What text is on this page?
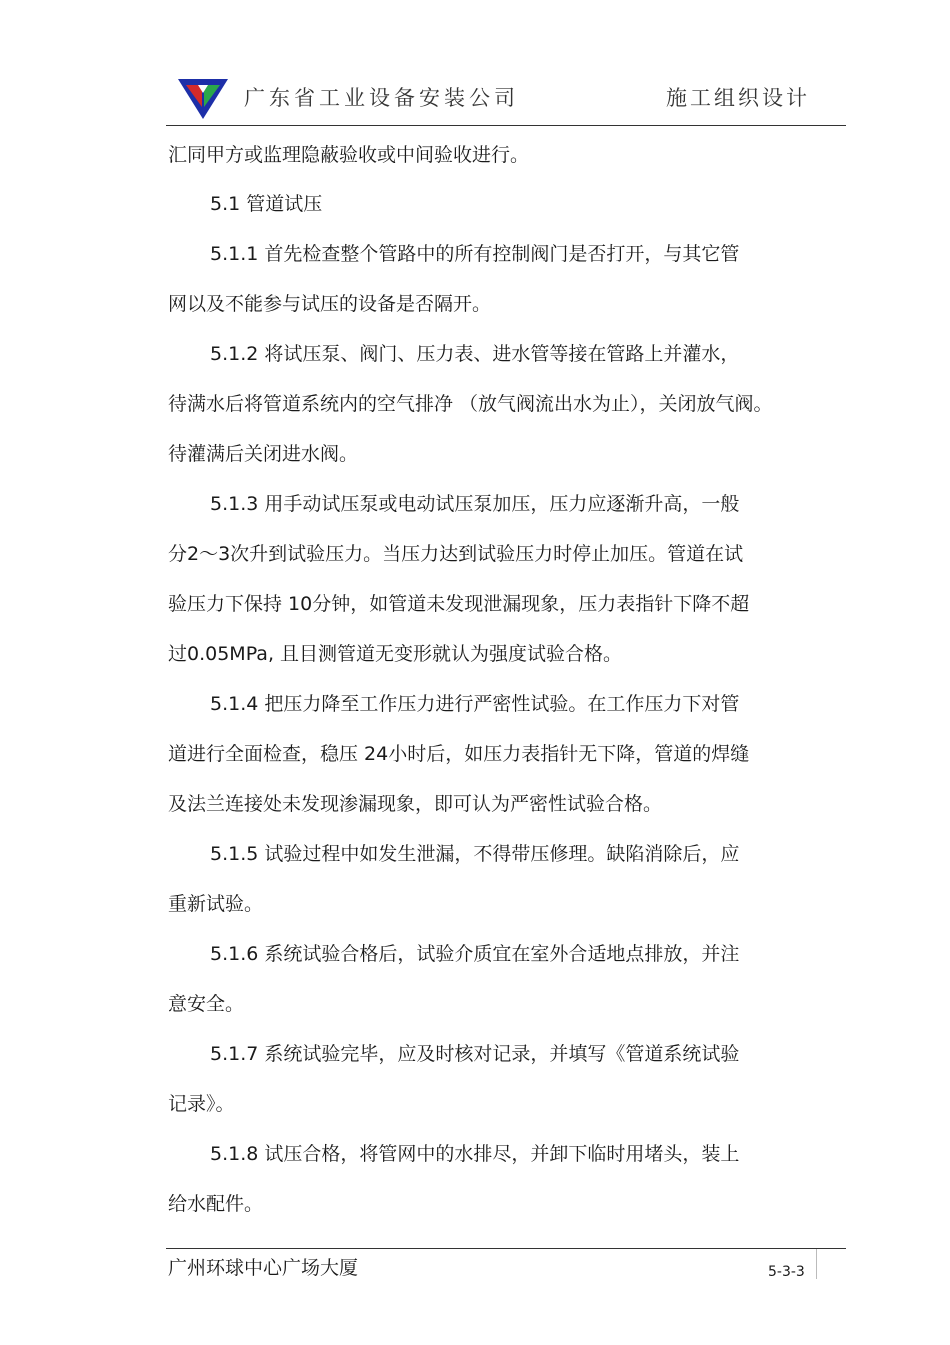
广东省工业设备安装公司	施工组织设计
汇同甲方或监理隐蔽验收或中间验收进行。
5.1 管道试压
5.1.1 首先检查整个管路中的所有控制阀门是否打开，与其它管
网以及不能参与试压的设备是否隔开。
5.1.2 将试压泵、阀门、压力表、进水管等接在管路上并灌水，
待满水后将管道系统内的空气排净 （放气阀流出水为止），关闭放气阀。
待灌满后关闭进水阀。
5.1.3 用手动试压泵或电动试压泵加压，压力应逐渐升高，一般
分2～3次升到试验压力。当压力达到试验压力时停止加压。管道在试
验压力下保持 10分钟，如管道未发现泄漏现象，压力表指针下降不超
过0.05MPa, 且目测管道无变形就认为强度试验合格。
5.1.4 把压力降至工作压力进行严密性试验。在工作压力下对管
道进行全面检查，稳压 24小时后，如压力表指针无下降，管道的焊缝
及法兰连接处未发现渗漏现象，即可认为严密性试验合格。
5.1.5 试验过程中如发生泄漏，不得带压修理。缺陷消除后，应
重新试验。
5.1.6 系统试验合格后，试验介质宜在室外合适地点排放，并注
意安全。
5.1.7 系统试验完毕，应及时核对记录，并填写《管道系统试验
记录》。
5.1.8 试压合格，将管网中的水排尽，并卸下临时用堵头，装上
给水配件。
广州环球中心广场大厦	5-3-3
